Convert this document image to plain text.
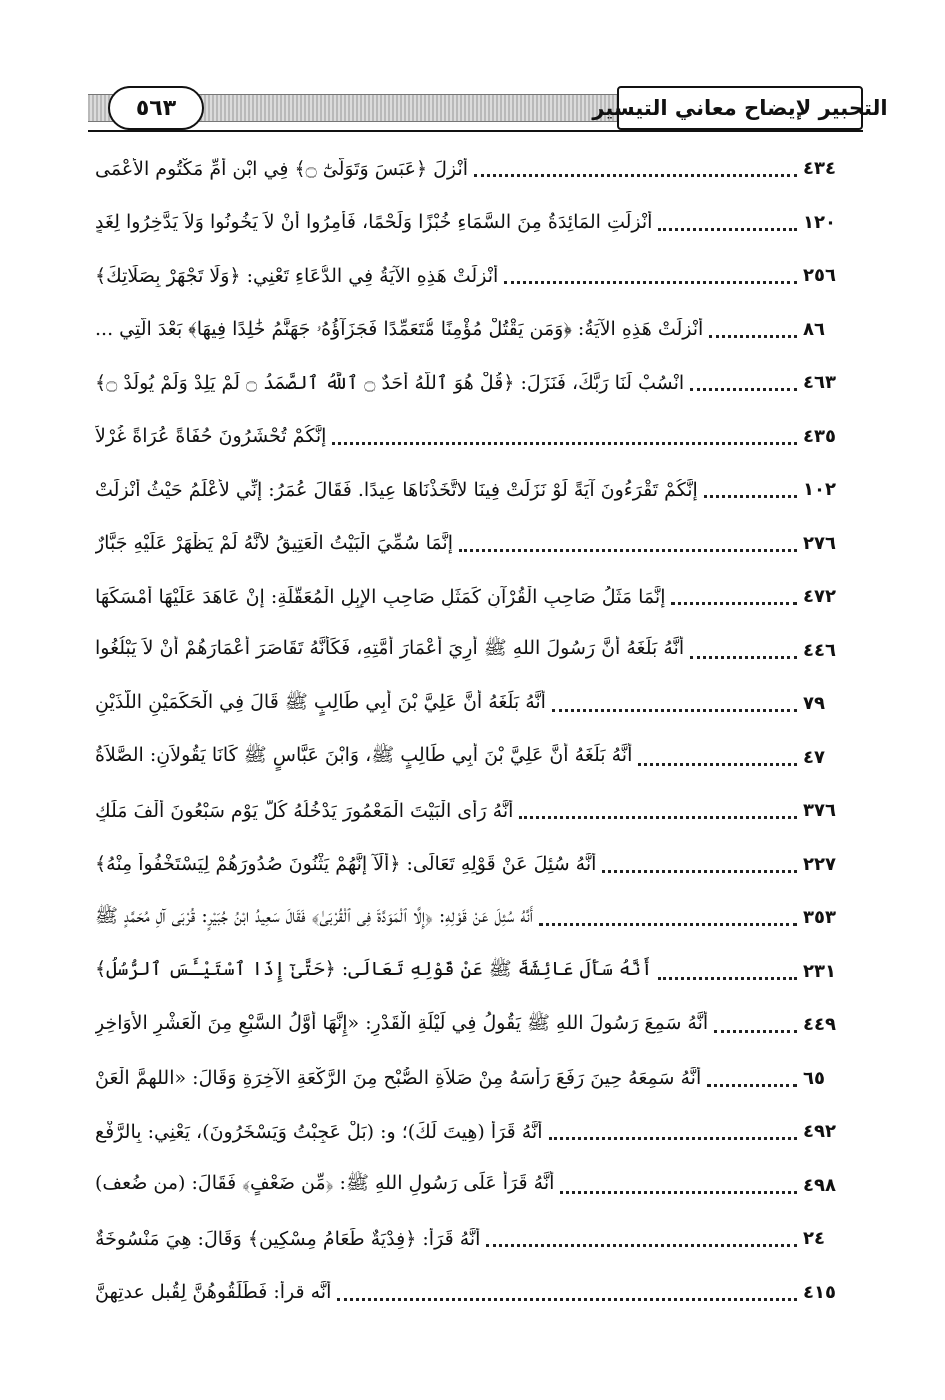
التحبير لإيضاح معاني التيسير
٥٦٣
أُنْزِلَ ﴿عَبَسَ وَتَوَلَّىٰٓ ۝﴾ فِي ابْنِ أُمِّ مَكْتُومٍ الأَعْمَى	٤٣٤
أُنْزِلَتِ المَائِدَةُ مِنَ السَّمَاءِ خُبْزًا وَلَحْمًا، فَأُمِرُوا أَنْ لاَ يَخُونُوا وَلاَ يَدَّخِرُوا لِغَدٍ	١٢٠
أُنْزِلَتْ هَذِهِ الآيَةُ فِي الدُّعَاءِ تَعْنِي: ﴿وَلَا تَجْهَرْ بِصَلَاتِكَ﴾	٢٥٦
أُنْزِلَتْ هَذِهِ الآيَةُ: ﴿وَمَن يَقْتُلْ مُؤْمِنًا مُّتَعَمِّدًا فَجَزَآؤُهُۥ جَهَنَّمُ خَٰلِدًا فِيهَا﴾ بَعْدَ الَّتِي ...	٨٦
انْسُبْ لَنَا رَبَّكَ، فَنَزَلَ: ﴿قُلْ هُوَ ٱللَّهُ أَحَدٌ ۝ ٱللَّهُ ٱلصَّمَدُ ۝ لَمْ يَلِدْ وَلَمْ يُولَدْ ۝﴾	٤٦٣
إِنَّكُمْ تُحْشَرُونَ حُفَاةً عُرَاةً غُرْلاً	٤٣٥
إِنَّكُمْ تَقْرَءُونَ آيَةً لَوْ نَزَلَتْ فِينَا لاتَّخَذْنَاهَا عِيدًا. فَقَالَ عُمَرُ: إِنِّي لأَعْلَمُ حَيْثُ أُنْزِلَتْ	١٠٢
إِنَّمَا سُمِّيَ الْبَيْتُ الْعَتِيقُ لأَنَّهُ لَمْ يَظْهَرْ عَلَيْهِ جَبَّارٌ	٢٧٦
إِنَّمَا مَثَلُ صَاحِبِ الْقُرْآنِ كَمَثَلِ صَاحِبِ الإِبِلِ الْمُعَقَّلَةِ: إِنْ عَاهَدَ عَلَيْهَا أَمْسَكَهَا	٤٧٢
أَنَّهُ بَلَغَهُ أَنَّ رَسُولَ اللهِ ﷺ أُرِيَ أَعْمَارَ أُمَّتِهِ، فَكَأَنَّهُ تَقَاصَرَ أَعْمَارَهُمْ أَنْ لاَ يَبْلُغُوا	٤٤٦
أَنَّهُ بَلَغَهُ أَنَّ عَلِيَّ بْنَ أَبِي طَالِبٍ ﷺ قَالَ فِي الْحَكَمَيْنِ اللَّذَيْنِ	٧٩
أَنَّهُ بَلَغَهُ أَنَّ عَلِيَّ بْنَ أَبِي طَالِبٍ ﷺ، وَابْنَ عَبَّاسٍ ﷺ كَانَا يَقُولاَنِ: الصَّلاَةُ	٤٧
أَنَّهُ رَأَى الْبَيْتَ الْمَعْمُورَ يَدْخُلُهُ كُلَّ يَوْمٍ سَبْعُونَ أَلْفَ مَلَكٍ	٣٧٦
أَنَّهُ سُئِلَ عَنْ قَوْلِهِ تَعَالَى: ﴿أَلَآ إِنَّهُمْ يَثْنُونَ صُدُورَهُمْ لِيَسْتَخْفُواْ مِنْهُ﴾	٢٢٧
أَنَّهُ سُئِلَ عَنْ قَوْلِهِ: ﴿إِلَّا ٱلْمَوَدَّةَ فِى ٱلْقُرْبَىٰ﴾ فَقَالَ سَعِيدُ ابْنُ جُبَيْرٍ: قُرْبَى آلِ مُحَمَّدٍ ﷺ	٣٥٣
أَنَّهُ سَأَلَ عَائِشَةَ ﷺ عَنْ قَوْلِهِ تَعَالَى: ﴿حَتَّىٰٓ إِذَا ٱسْتَيْـَٔسَ ٱلرُّسُلُ﴾	٢٣١
أَنَّهُ سَمِعَ رَسُولَ اللهِ ﷺ يَقُولُ فِي لَيْلَةِ الْقَدْرِ: «إِنَّهَا أَوَّلُ السَّبْعِ مِنَ الْعَشْرِ الأَوَاخِرِ	٤٤٩
أَنَّهُ سَمِعَهُ حِينَ رَفَعَ رَأْسَهُ مِنْ صَلاَةِ الصُّبْحِ مِنَ الرَّكْعَةِ الآخِرَةِ وَقَالَ: «اللهمَّ الْعَنْ	٦٥
أَنَّهُ قَرَأَ (هِيتَ لَكَ)؛ و: (بَلْ عَجِبْتُ وَيَسْخَرُونَ)، يَعْنِي: بِالرَّفْعِ	٤٩٢
أَنَّهُ قَرَأَ عَلَى رَسُولِ اللهِ ﷺ: ﴿مِّن ضَعْفٍ﴾ فَقَالَ: (من ضُعف)	٤٩٨
أَنَّهُ قَرَأَ: ﴿فِدْيَةٌ طَعَامُ مِسْكِينٍ﴾ وَقَالَ: هِيَ مَنْسُوخَةٌ	٢٤
أَنَّه قرأ: فَطَلِّقُوهُنَّ لِقُبل عدتِهِنَّ	٤١٥
